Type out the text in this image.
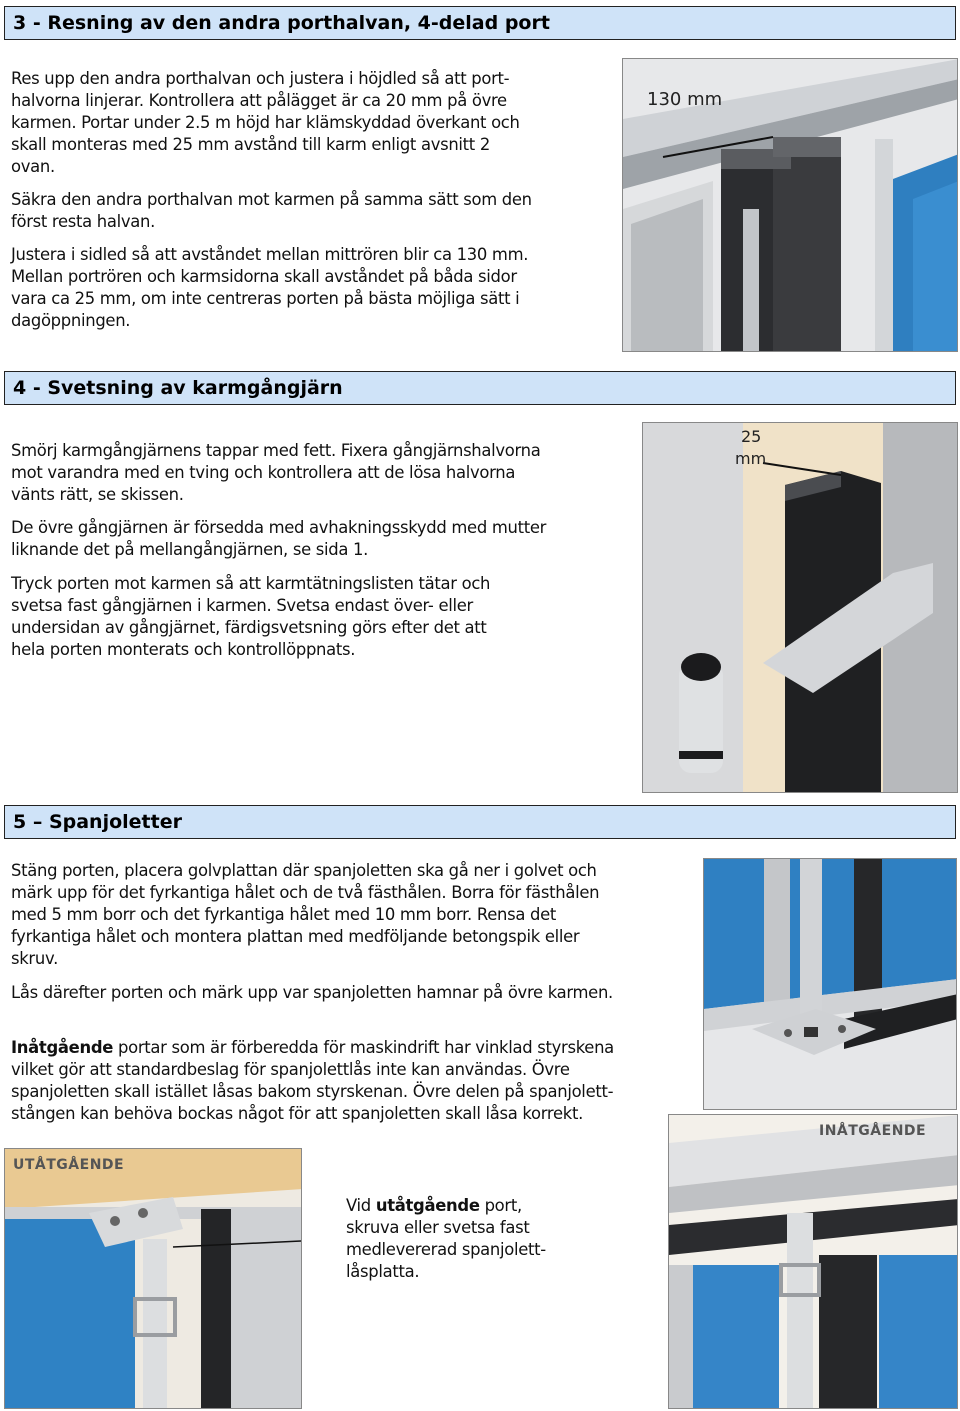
3 - Resning av den andra porthalvan, 4-delad port
Res upp den andra porthalvan och justera i höjdled så att port-
halvorna linjerar. Kontrollera att pålägget är ca 20 mm på övre
karmen. Portar under 2.5 m höjd har klämskyddad överkant och
skall monteras med 25 mm avstånd till karm enligt avsnitt 2
ovan.
Säkra den andra porthalvan mot karmen på samma sätt som den
först resta halvan.
Justera i sidled så att avståndet mellan mittrören blir ca 130 mm.
Mellan portrören och karmsidorna skall avståndet på båda sidor
vara ca 25 mm, om inte centreras porten på bästa möjliga sätt i
dagöppningen.
130 mm
4 - Svetsning av karmgångjärn
Smörj karmgångjärnens tappar med fett. Fixera gångjärnshalvorna
mot varandra med en tving och kontrollera att de lösa halvorna
vänts rätt, se skissen.
De övre gångjärnen är försedda med avhakningsskydd med mutter
liknande det på mellangångjärnen, se sida 1.
Tryck porten mot karmen så att karmtätningslisten tätar och
svetsa fast gångjärnen i karmen. Svetsa endast över- eller
undersidan av gångjärnet, färdigsvetsning görs efter det att
hela porten monterats och kontrollöppnats.
25
mm
5 – Spanjoletter
Stäng porten, placera golvplattan där spanjoletten ska gå ner i golvet och
märk upp för det fyrkantiga hålet och de två fästhålen. Borra för fästhålen
med 5 mm borr och det fyrkantiga hålet med 10 mm borr. Rensa det
fyrkantiga hålet och montera plattan med medföljande betongspik eller
skruv.
Lås därefter porten och märk upp var spanjoletten hamnar på övre karmen.
Inåtgående portar som är förberedda för maskindrift har vinklad styrskena
vilket gör att standardbeslag för spanjolettlås inte kan användas. Övre
spanjoletten skall istället låsas bakom styrskenan. Övre delen på spanjolett-
stången kan behöva bockas något för att spanjoletten skall låsa korrekt.
INÅTGÅENDE
UTÅTGÅENDE
Vid utåtgående port,
skruva eller svetsa fast
medlevererad spanjolett-
låsplatta.
